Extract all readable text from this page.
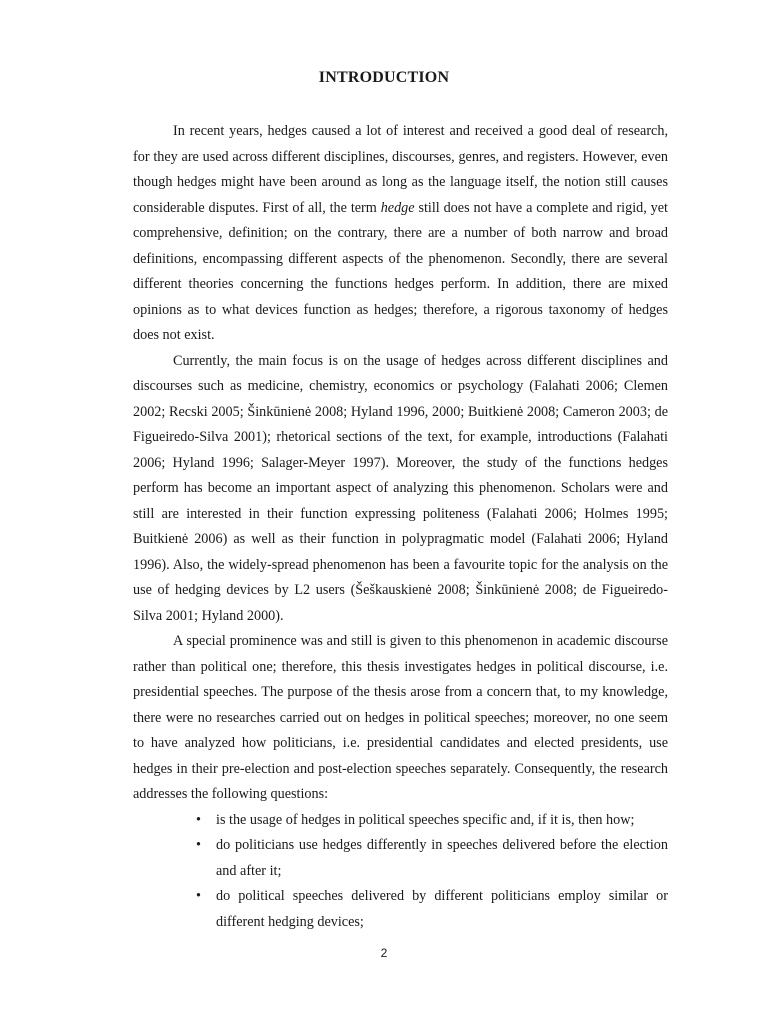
INTRODUCTION

In recent years, hedges caused a lot of interest and received a good deal of research, for they are used across different disciplines, discourses, genres, and registers. However, even though hedges might have been around as long as the language itself, the notion still causes considerable disputes. First of all, the term hedge still does not have a complete and rigid, yet comprehensive, definition; on the contrary, there are a number of both narrow and broad definitions, encompassing different aspects of the phenomenon. Secondly, there are several different theories concerning the functions hedges perform. In addition, there are mixed opinions as to what devices function as hedges; therefore, a rigorous taxonomy of hedges does not exist.

Currently, the main focus is on the usage of hedges across different disciplines and discourses such as medicine, chemistry, economics or psychology (Falahati 2006; Clemen 2002; Recski 2005; Šinkūnienė 2008; Hyland 1996, 2000; Buitkienė 2008; Cameron 2003; de Figueiredo-Silva 2001); rhetorical sections of the text, for example, introductions (Falahati 2006; Hyland 1996; Salager-Meyer 1997). Moreover, the study of the functions hedges perform has become an important aspect of analyzing this phenomenon. Scholars were and still are interested in their function expressing politeness (Falahati 2006; Holmes 1995; Buitkienė 2006) as well as their function in polypragmatic model (Falahati 2006; Hyland 1996). Also, the widely-spread phenomenon has been a favourite topic for the analysis on the use of hedging devices by L2 users (Šeškauskienė 2008; Šinkūnienė 2008; de Figueiredo-Silva 2001; Hyland 2000).

A special prominence was and still is given to this phenomenon in academic discourse rather than political one; therefore, this thesis investigates hedges in political discourse, i.e. presidential speeches. The purpose of the thesis arose from a concern that, to my knowledge, there were no researches carried out on hedges in political speeches; moreover, no one seem to have analyzed how politicians, i.e. presidential candidates and elected presidents, use hedges in their pre-election and post-election speeches separately. Consequently, the research addresses the following questions:

• is the usage of hedges in political speeches specific and, if it is, then how;
• do politicians use hedges differently in speeches delivered before the election and after it;
• do political speeches delivered by different politicians employ similar or different hedging devices;
2
